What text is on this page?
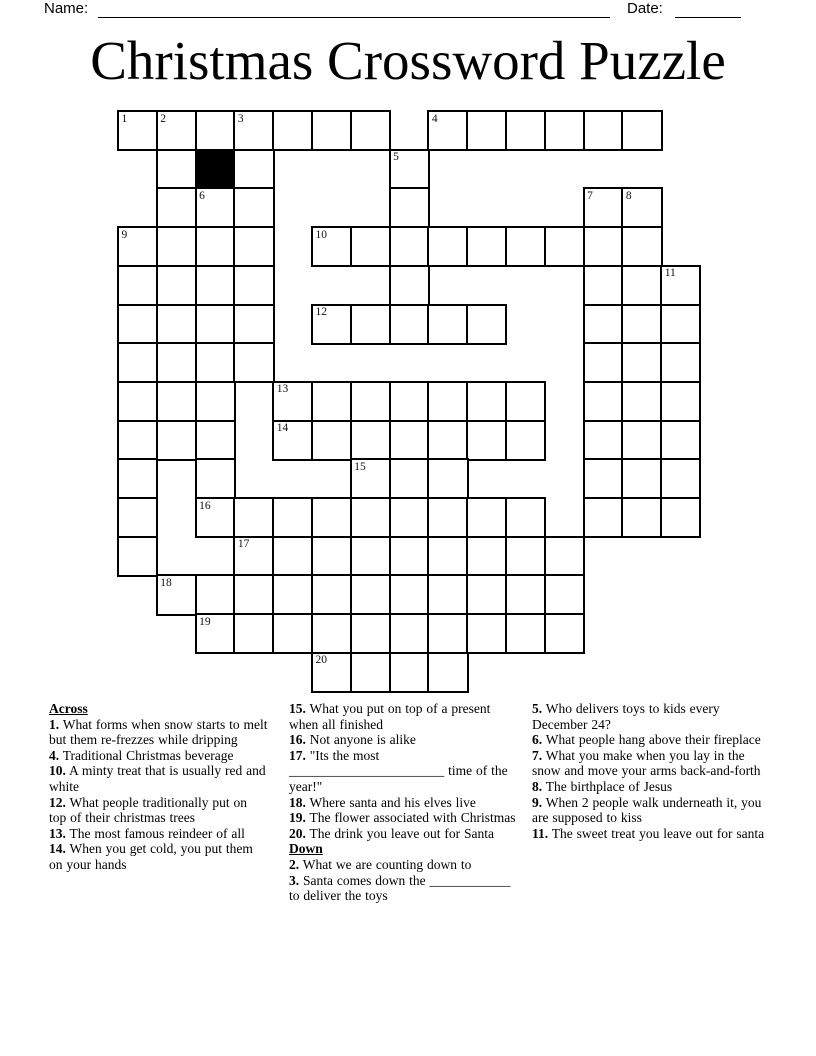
Name:	Date:
Christmas Crossword Puzzle
1	2	3	4
5
6	7	8
9	10
11
12
13
14
15
16
17
18
19
20
Across
1. What forms when snow starts to melt but them re-frezzes while dripping
4. Traditional Christmas beverage
10. A minty treat that is usually red and white
12. What people traditionally put on top of their christmas trees
13. The most famous reindeer of all
14. When you get cold, you put them on your hands
15. What you put on top of a present when all finished
16. Not anyone is alike
17. "Its the most _______________________ time of the year!"
18. Where santa and his elves live
19. The flower associated with Christmas
20. The drink you leave out for Santa
Down
2. What we are counting down to
3. Santa comes down the ____________ to deliver the toys
5. Who delivers toys to kids every December 24?
6. What people hang above their fireplace
7. What you make when you lay in the snow and move your arms back-and-forth
8. The birthplace of Jesus
9. When 2 people walk underneath it, you are supposed to kiss
11. The sweet treat you leave out for santa
